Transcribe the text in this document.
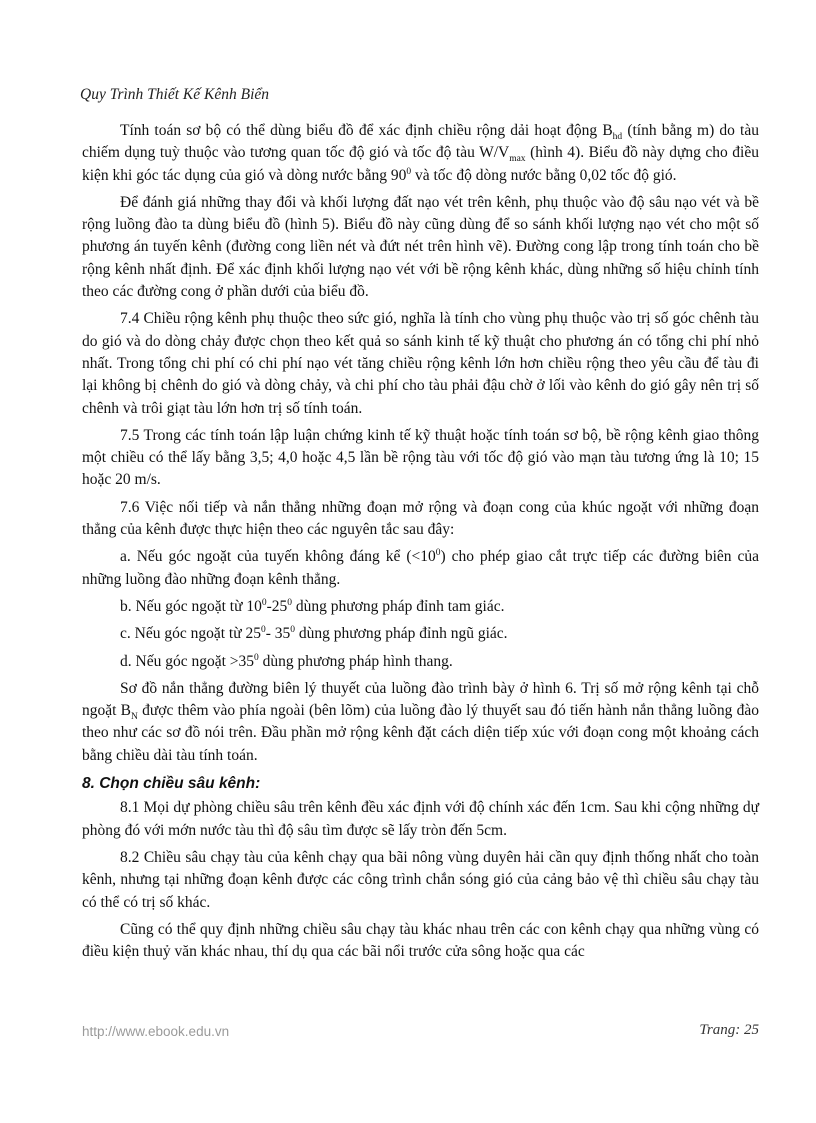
Quy Trình Thiết Kế Kênh Biển

Tính toán sơ bộ có thể dùng biểu đồ để xác định chiều rộng dải hoạt động $B_{hd}$ (tính bằng m) do tàu chiếm dụng tuỳ thuộc vào tương quan tốc độ gió và tốc độ tàu $W/V_{max}$ (hình 4). Biểu đồ này dựng cho điều kiện khi góc tác dụng của gió và dòng nước bằng $90^0$ và tốc độ dòng nước bằng 0,02 tốc độ gió.

Để đánh giá những thay đổi và khối lượng đất nạo vét trên kênh, phụ thuộc vào độ sâu nạo vét và bề rộng luồng đào ta dùng biểu đồ (hình 5). Biểu đồ này cũng dùng để so sánh khối lượng nạo vét cho một số phương án tuyến kênh (đường cong liền nét và đứt nét trên hình vẽ). Đường cong lập trong tính toán cho bề rộng kênh nhất định. Để xác định khối lượng nạo vét với bề rộng kênh khác, dùng những số hiệu chỉnh tính theo các đường cong ở phần dưới của biểu đồ.

7.4 Chiều rộng kênh phụ thuộc theo sức gió, nghĩa là tính cho vùng phụ thuộc vào trị số góc chênh tàu do gió và do dòng chảy được chọn theo kết quả so sánh kinh tế kỹ thuật cho phương án có tổng chi phí nhỏ nhất. Trong tổng chi phí có chi phí nạo vét tăng chiều rộng kênh lớn hơn chiều rộng theo yêu cầu để tàu đi lại không bị chênh do gió và dòng chảy, và chi phí cho tàu phải đậu chờ ở lối vào kênh do gió gây nên trị số chênh và trôi giạt tàu lớn hơn trị số tính toán.

7.5 Trong các tính toán lập luận chứng kinh tế kỹ thuật hoặc tính toán sơ bộ, bề rộng kênh giao thông một chiều có thể lấy bằng 3,5; 4,0 hoặc 4,5 lần bề rộng tàu với tốc độ gió vào mạn tàu tương ứng là 10; 15 hoặc 20 m/s.

7.6 Việc nối tiếp và nắn thẳng những đoạn mở rộng và đoạn cong của khúc ngoặt với những đoạn thẳng của kênh được thực hiện theo các nguyên tắc sau đây:

a. Nếu góc ngoặt của tuyến không đáng kể $(<10^0)$ cho phép giao cắt trực tiếp các đường biên của những luồng đào những đoạn kênh thẳng.

b. Nếu góc ngoặt từ $10^0-25^0$ dùng phương pháp đỉnh tam giác.

c. Nếu góc ngoặt từ $25^0-$ $35^0$ dùng phương pháp đỉnh ngũ giác.

d. Nếu góc ngoặt $>35^0$ dùng phương pháp hình thang.

Sơ đồ nắn thẳng đường biên lý thuyết của luồng đào trình bày ở hình 6. Trị số mở rộng kênh tại chỗ ngoặt $B_N$ được thêm vào phía ngoài (bên lõm) của luồng đào lý thuyết sau đó tiến hành nắn thẳng luồng đào theo như các sơ đồ nói trên. Đầu phần mở rộng kênh đặt cách diện tiếp xúc với đoạn cong một khoảng cách bằng chiều dài tàu tính toán.

8. Chọn chiều sâu kênh:

8.1 Mọi dự phòng chiều sâu trên kênh đều xác định với độ chính xác đến 1cm. Sau khi cộng những dự phòng đó với mớn nước tàu thì độ sâu tìm được sẽ lấy tròn đến 5cm.

8.2 Chiều sâu chạy tàu của kênh chạy qua bãi nông vùng duyên hải cần quy định thống nhất cho toàn kênh, nhưng tại những đoạn kênh được các công trình chắn sóng gió của cảng bảo vệ thì chiều sâu chạy tàu có thể có trị số khác.

Cũng có thể quy định những chiều sâu chạy tàu khác nhau trên các con kênh chạy qua những vùng có điều kiện thuỷ văn khác nhau, thí dụ qua các bãi nổi trước cửa sông hoặc qua các

http://www.ebook.edu.vn	Trang: 25
